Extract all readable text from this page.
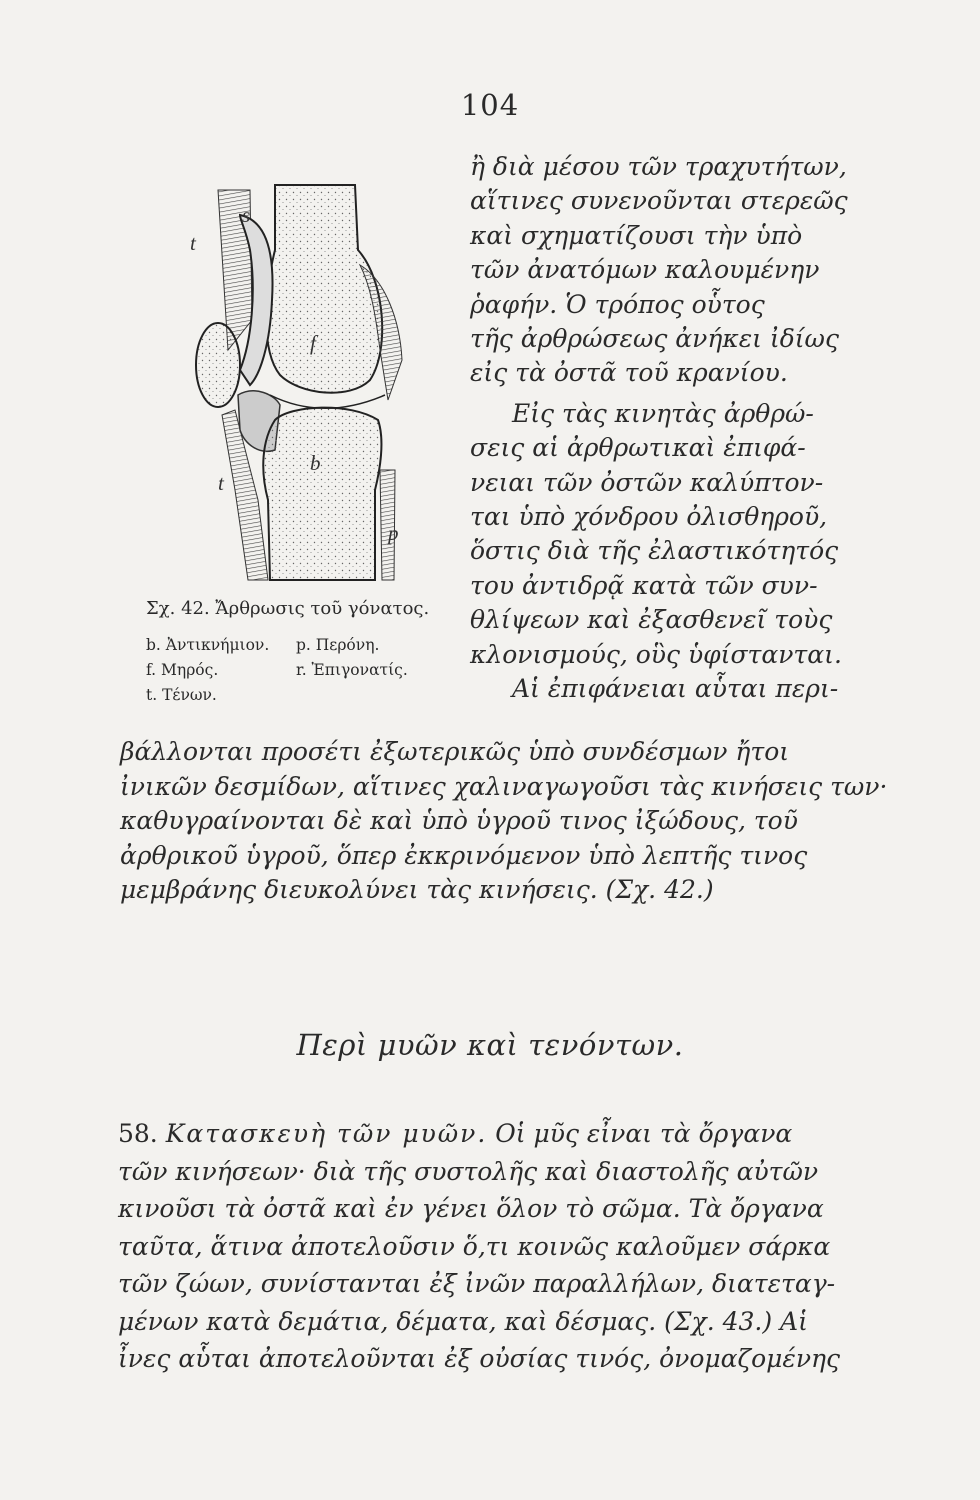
104
t
s
f
b
t
p
Σχ. 42. Ἄρθρωσις τοῦ γόνατος.
b. Ἀντικνήμιον.	p. Περόνη.
f. Μηρός.	r. Ἐπιγονατίς.
t. Τένων.

ἢ διὰ μέσου τῶν τραχυτήτων,
αἵτινες συνενοῦνται στερεῶς
καὶ σχηματίζουσι τὴν ὑπὸ
τῶν ἀνατόμων καλουμένην
ῥαφήν. Ὁ τρόπος οὗτος
τῆς ἀρθρώσεως ἀνήκει ἰδίως
εἰς τὰ ὀστᾶ τοῦ κρανίου.

Εἰς τὰς κινητὰς ἀρθρώ-
σεις αἱ ἀρθρωτικαὶ ἐπιφά-
νειαι τῶν ὀστῶν καλύπτον-
ται ὑπὸ χόνδρου ὀλισθηροῦ,
ὅστις διὰ τῆς ἐλαστικότητός
του ἀντιδρᾷ κατὰ τῶν συν-
θλίψεων καὶ ἐξασθενεῖ τοὺς
κλονισμούς, οὓς ὑφίστανται.

Αἱ ἐπιφάνειαι αὗται περι-

βάλλονται προσέτι ἐξωτερικῶς ὑπὸ συνδέσμων ἤτοι
ἰνικῶν δεσμίδων, αἵτινες χαλιναγωγοῦσι τὰς κινήσεις των·
καθυγραίνονται δὲ καὶ ὑπὸ ὑγροῦ τινος ἰξώδους, τοῦ
ἀρθρικοῦ ὑγροῦ, ὅπερ ἐκκρινόμενον ὑπὸ λεπτῆς τινος
μεμβράνης διευκολύνει τὰς κινήσεις. (Σχ. 42.)
Περὶ μυῶν καὶ τενόντων.
58. Κατασκευὴ τῶν μυῶν. Οἱ μῦς εἶναι τὰ ὄργανα
τῶν κινήσεων· διὰ τῆς συστολῆς καὶ διαστολῆς αὐτῶν
κινοῦσι τὰ ὀστᾶ καὶ ἐν γένει ὅλον τὸ σῶμα. Τὰ ὄργανα
ταῦτα, ἅτινα ἀποτελοῦσιν ὅ,τι κοινῶς καλοῦμεν σάρκα
τῶν ζώων, συνίστανται ἐξ ἰνῶν παραλλήλων, διατεταγ-
μένων κατὰ δεμάτια, δέματα, καὶ δέσμας. (Σχ. 43.) Αἱ
ἶνες αὗται ἀποτελοῦνται ἐξ οὐσίας τινός, ὀνομαζομένης
